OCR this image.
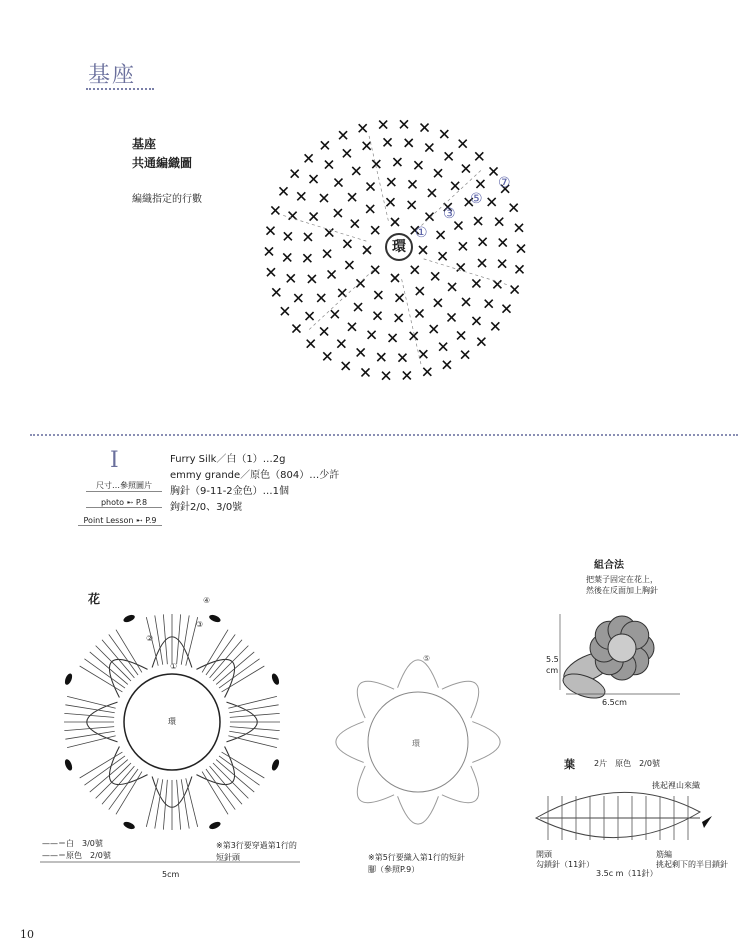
基座
基座
共通編織圖
編織指定的行數
環
①
③
⑤
⑦
I
尺寸…參照圖片
photo ➸ P.8
Point Lesson ➸ P.9
Furry Silk／白（1）…2g
emmy grande／原色（804）…少許
胸針（9-11-2金色）…1個
鉤針2/0、3/0號
花
環
①
②
③
④
——＝白　3/0號
——＝原色　2/0號
※第3行要穿過第1行的
短針頭
5cm
環
⑤
※第5行要織入第1行的短針
腳（參照P.9）
組合法
把葉子固定在花上，
然後在反面加上胸針
5.5
cm
6.5cm
葉 2片　原色　2/0號
挑起裡山來織
開頭
勾鎖針（11針）
筋編
挑起剩下的半目鎖針
3.5c m（11針）
10
